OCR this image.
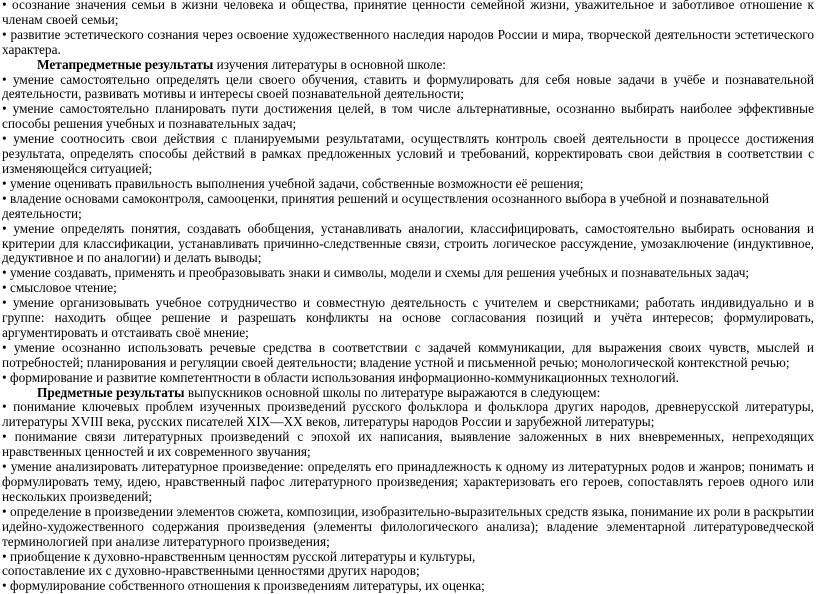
• осознание значения семьи в жизни человека и общества, принятие ценности семейной жизни, уважительное и заботливое отношение к членам своей семьи;

• развитие эстетического сознания через освоение художественного наследия народов России и мира, творческой деятельности эстетического характера.

Метапредметные результаты изучения литературы в основной школе:

• умение самостоятельно определять цели своего обучения, ставить и формулировать для себя новые задачи в учёбе и познавательной деятельности, развивать мотивы и интересы своей познавательной деятельности;

• умение самостоятельно планировать пути достижения целей, в том числе альтернативные, осознанно выбирать наиболее эффективные способы решения учебных и познавательных задач;

• умение соотносить свои действия с планируемыми результатами, осуществлять контроль своей деятельности в процессе достижения результата, определять способы действий в рамках предложенных условий и требований, корректировать свои действия в соответствии с изменяющейся ситуацией;

• умение оценивать правильность выполнения учебной задачи, собственные возможности её решения;

• владение основами самоконтроля, самооценки, принятия решений и осуществления осознанного выбора в учебной и познавательной деятельности;

• умение определять понятия, создавать обобщения, устанавливать аналогии, классифицировать, самостоятельно выбирать основания и критерии для классификации, устанавливать причинно-следственные связи, строить логическое рассуждение, умозаключение (индуктивное, дедуктивное и по аналогии) и делать выводы;

• умение создавать, применять и преобразовывать знаки и символы, модели и схемы для решения учебных и познавательных задач;

• смысловое чтение;

• умение организовывать учебное сотрудничество и совместную деятельность с учителем и сверстниками; работать индивидуально и в группе: находить общее решение и разрешать конфликты на основе согласования позиций и учёта интересов; формулировать, аргументировать и отстаивать своё мнение;

• умение осознанно использовать речевые средства в соответствии с задачей коммуникации, для выражения своих чувств, мыслей и потребностей; планирования и регуляции своей деятельности; владение устной и письменной речью; монологической контекстной речью;

• формирование и развитие компетентности в области использования информационно-коммуникационных технологий.

Предметные результаты выпускников основной школы по литературе выражаются в следующем:

• понимание ключевых проблем изученных произведений русского фольклора и фольклора других народов, древнерусской литературы, литературы XVIII века, русских писателей XIX—XX веков, литературы народов России и зарубежной литературы;

• понимание связи литературных произведений с эпохой их написания, выявление заложенных в них вневременных, непреходящих нравственных ценностей и их современного звучания;

• умение анализировать литературное произведение: определять его принадлежность к одному из литературных родов и жанров; понимать и формулировать тему, идею, нравственный пафос литературного произведения; характеризовать его героев, сопоставлять героев одного или нескольких произведений;

• определение в произведении элементов сюжета, композиции, изобразительно-выразительных средств языка, понимание их роли в раскрытии идейно-художественного содержания произведения (элементы филологического анализа); владение элементарной литературоведческой терминологией при анализе литературного произведения;

• приобщение к духовно-нравственным ценностям русской литературы и культуры,

сопоставление их с духовно-нравственными ценностями других народов;

• формулирование собственного отношения к произведениям литературы, их оценка;
